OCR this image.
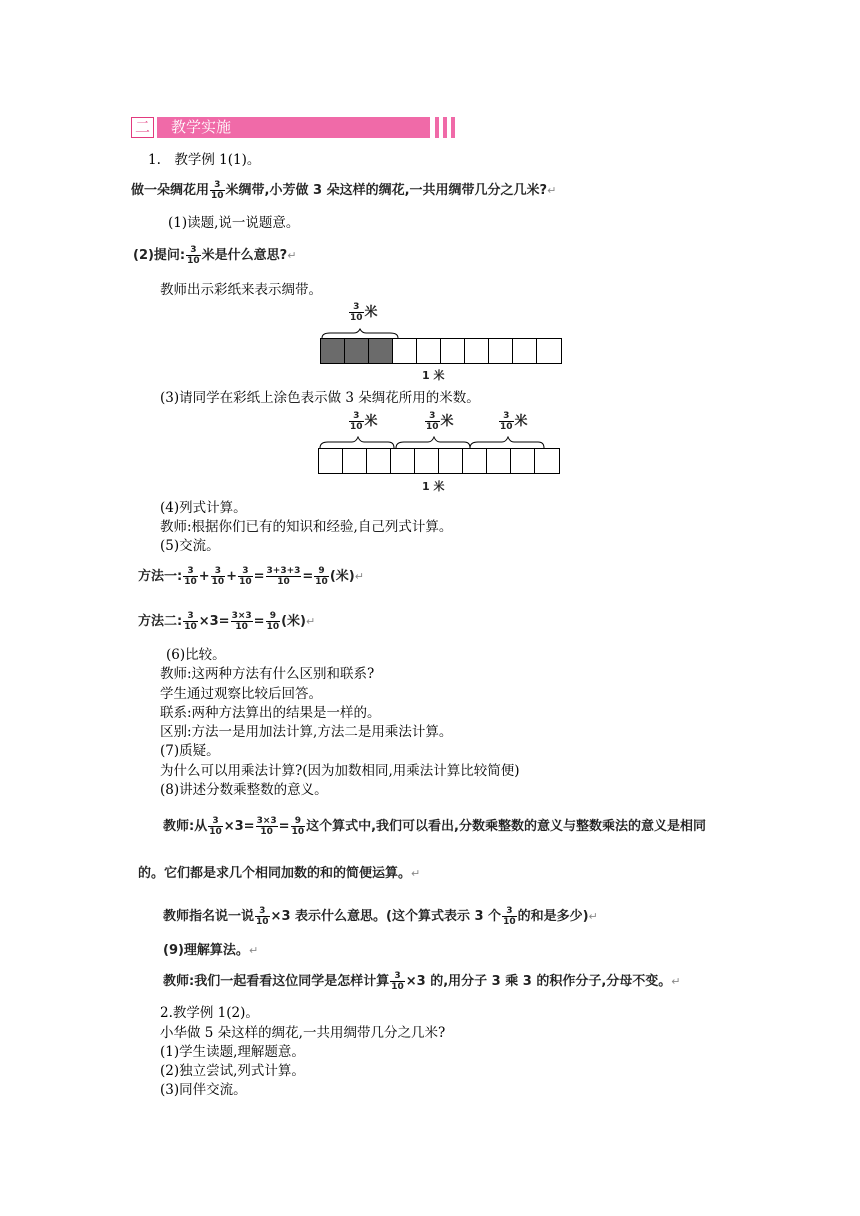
二	教学实施
1.　教学例 1(1)。
做一朵绸花用 $\frac{3}{10}$ 米绸带,小芳做 3 朵这样的绸花,一共用绸带几分之几米?↵
(1)读题,说一说题意。
(2)提问: $\frac{3}{10}$ 米是什么意思?↵
教师出示彩纸来表示绸带。
$\frac{3}{10}$ 米
1 米
(3)请同学在彩纸上涂色表示做 3 朵绸花所用的米数。
$\frac{3}{10}$ 米	$\frac{3}{10}$ 米	$\frac{3}{10}$ 米
1 米
(4)列式计算。
教师:根据你们已有的知识和经验,自己列式计算。
(5)交流。
方法一: $\frac{3}{10} + \frac{3}{10} + \frac{3}{10} = \frac{3+3+3}{10} = \frac{9}{10}$ (米)↵
方法二: $\frac{3}{10} \times 3= \frac{3\times 3}{10} = \frac{9}{10}$ (米)↵
(6)比较。
教师:这两种方法有什么区别和联系?
学生通过观察比较后回答。
联系:两种方法算出的结果是一样的。
区别:方法一是用加法计算,方法二是用乘法计算。
(7)质疑。
为什么可以用乘法计算?(因为加数相同,用乘法计算比较简便)
(8)讲述分数乘整数的意义。
教师:从 $\frac{3}{10} \times 3= \frac{3\times 3}{10} = \frac{9}{10}$ 这个算式中,我们可以看出,分数乘整数的意义与整数乘法的意义是相同
的。它们都是求几个相同加数的和的简便运算。↵
教师指名说一说 $\frac{3}{10} \times 3$ 表示什么意思。(这个算式表示 3 个 $\frac{3}{10}$ 的和是多少)↵
(9)理解算法。↵
教师:我们一起看看这位同学是怎样计算 $\frac{3}{10} \times 3$ 的,用分子 3 乘 3 的积作分子,分母不变。↵
2.教学例 1(2)。
小华做 5 朵这样的绸花,一共用绸带几分之几米?
(1)学生读题,理解题意。
(2)独立尝试,列式计算。
(3)同伴交流。
